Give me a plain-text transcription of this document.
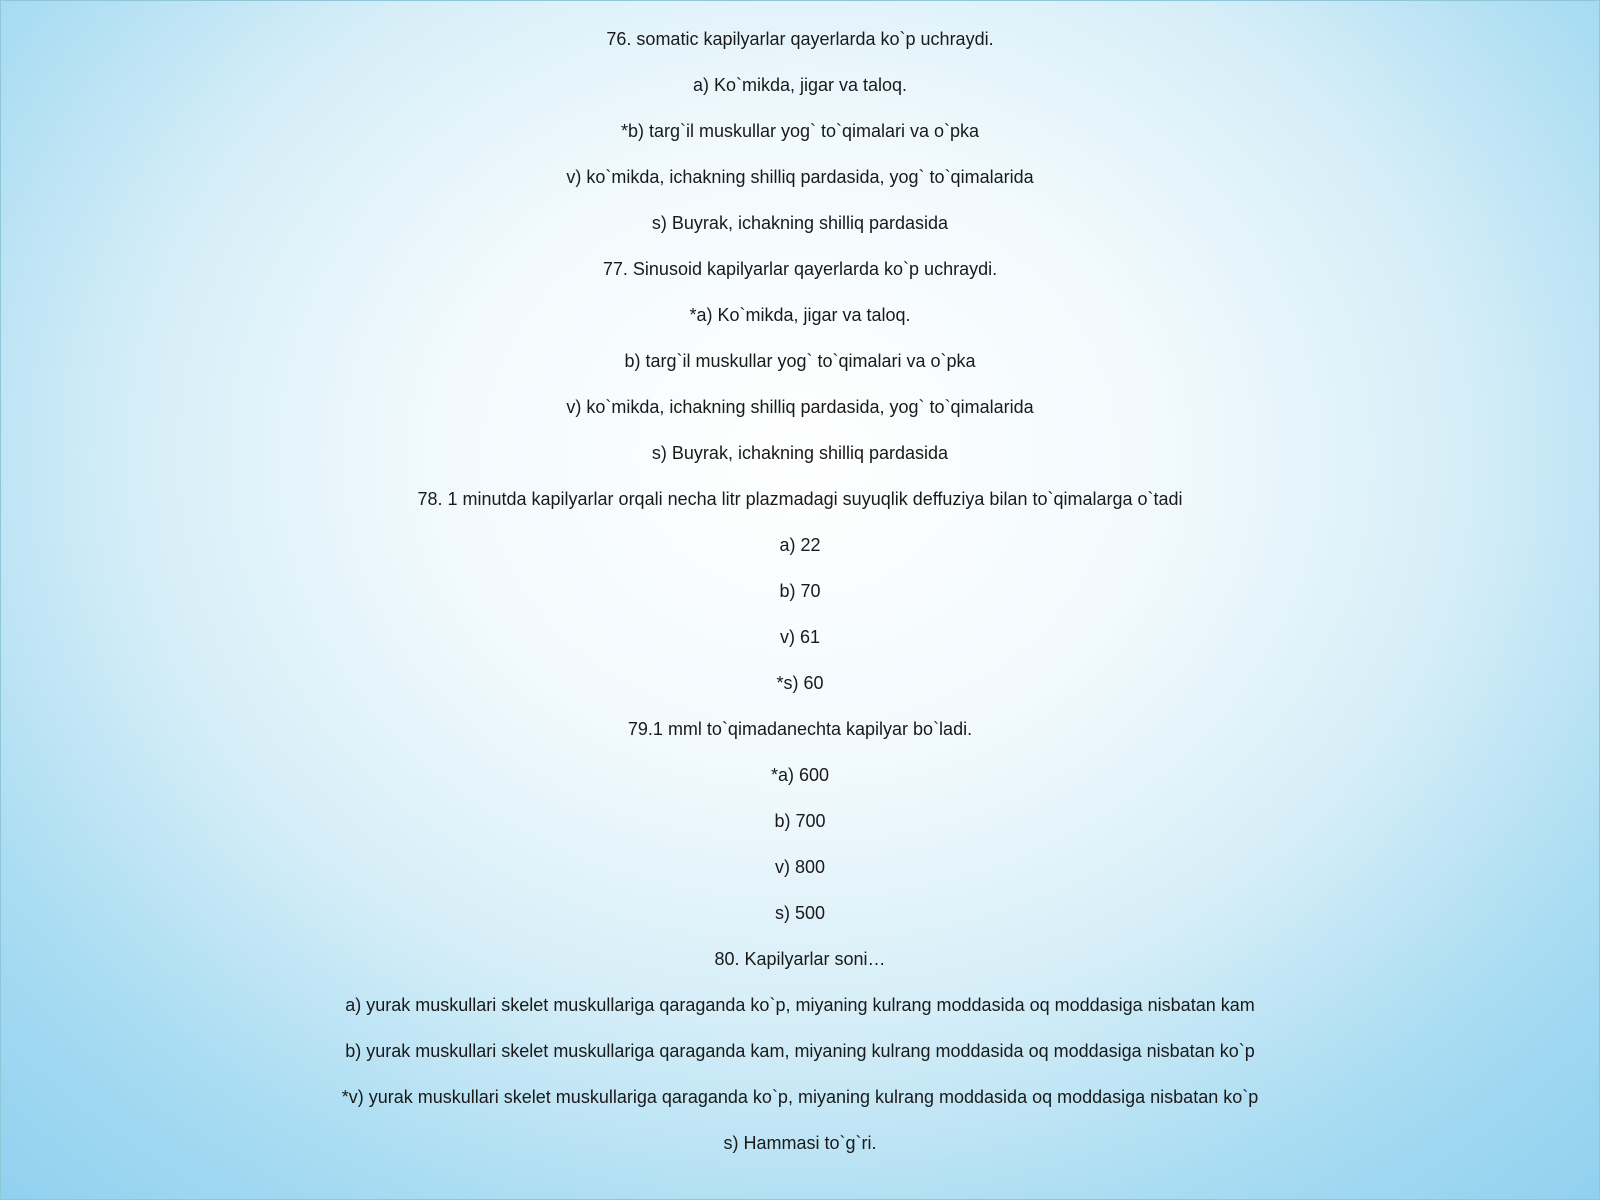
76. somatic kapilyarlar qayerlarda ko`p uchraydi.
a) Ko`mikda, jigar va taloq.
*b) targ`il muskullar yog` to`qimalari va o`pka
v) ko`mikda, ichakning shilliq pardasida, yog` to`qimalarida
s) Buyrak, ichakning shilliq pardasida
77. Sinusoid kapilyarlar qayerlarda ko`p uchraydi.
*a) Ko`mikda, jigar va taloq.
b) targ`il muskullar yog` to`qimalari va o`pka
v) ko`mikda, ichakning shilliq pardasida, yog` to`qimalarida
s) Buyrak, ichakning shilliq pardasida
78. 1 minutda kapilyarlar orqali necha litr plazmadagi suyuqlik deffuziya bilan to`qimalarga o`tadi
a) 22
b) 70
v) 61
*s) 60
79.1 mml to`qimadanechta kapilyar bo`ladi.
*a) 600
b) 700
v) 800
s) 500
80. Kapilyarlar soni…
a) yurak muskullari skelet muskullariga qaraganda ko`p, miyaning kulrang moddasida oq moddasiga nisbatan kam
b) yurak muskullari skelet muskullariga qaraganda kam, miyaning kulrang moddasida oq moddasiga nisbatan ko`p
*v) yurak muskullari skelet muskullariga qaraganda ko`p, miyaning kulrang moddasida oq moddasiga nisbatan ko`p
s) Hammasi to`g`ri.
